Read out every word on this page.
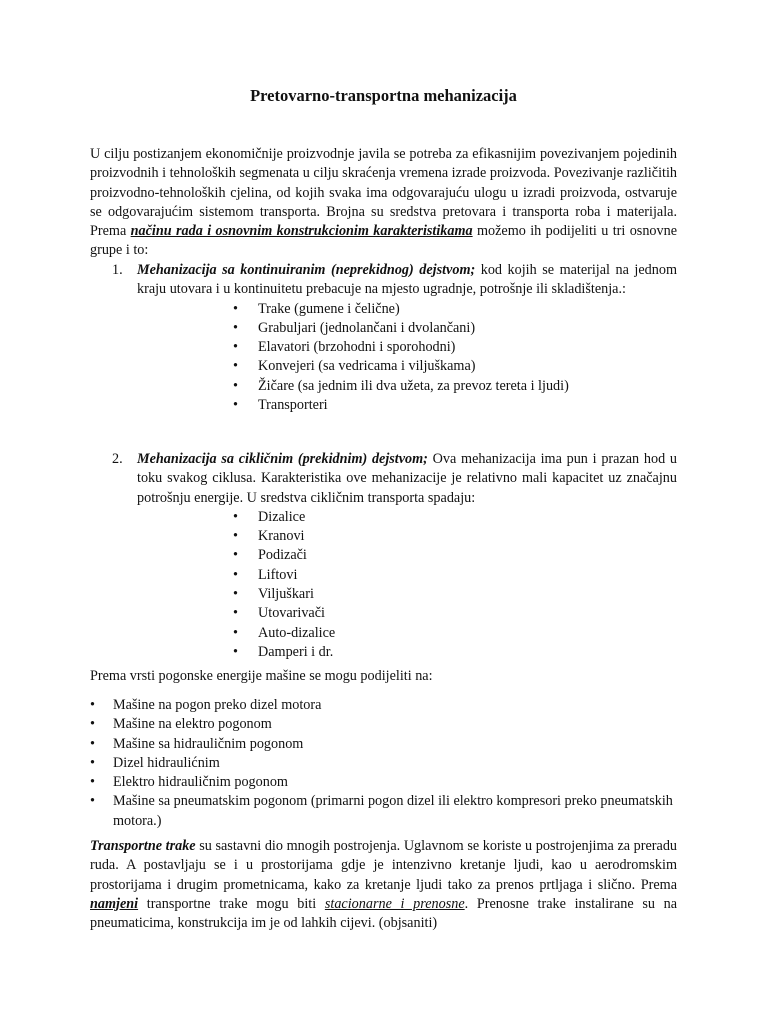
Pretovarno-transportna mehanizacija

U cilju postizanjem ekonomičnije proizvodnje javila se potreba za efikasnijim povezivanjem pojedinih proizvodnih i tehnoloških segmenata u cilju skraćenja vremena izrade proizvoda. Povezivanje različitih proizvodno-tehnoloških cjelina, od kojih svaka ima odgovarajuću ulogu u izradi proizvoda, ostvaruje se odgovarajućim sistemom transporta. Brojna su sredstva pretovara i transporta roba i materijala. Prema načinu rada i osnovnim konstrukcionim karakteristikama možemo ih podijeliti u tri osnovne grupe i to:

1. Mehanizacija sa kontinuiranim (neprekidnog) dejstvom; kod kojih se materijal na jednom kraju utovara i u kontinuitetu prebacuje na mjesto ugradnje, potrošnje ili skladištenja.:
• Trake (gumene i čelične)
• Grabuljari (jednolančani i dvolančani)
• Elavatori (brzohodni i sporohodni)
• Konvejeri (sa vedricama i viljuškama)
• Žičare (sa jednim ili dva užeta, za prevoz tereta i ljudi)
• Transporteri
2. Mehanizacija sa cikličnim (prekidnim) dejstvom; Ova mehanizacija ima pun i prazan hod u toku svakog ciklusa. Karakteristika ove mehanizacije je relativno mali kapacitet uz značajnu potrošnju energije. U sredstva cikličnim transporta spadaju:
• Dizalice
• Kranovi
• Podizači
• Liftovi
• Viljuškari
• Utovarivači
• Auto-dizalice
• Damperi i dr.

Prema vrsti pogonske energije mašine se mogu podijeliti na:

• Mašine na pogon preko dizel motora
• Mašine na elektro pogonom
• Mašine sa hidrauličnim pogonom
• Dizel hidraulićnim
• Elektro hidrauličnim pogonom
• Mašine sa pneumatskim pogonom (primarni pogon dizel ili elektro kompresori preko pneumatskih motora.)

Transportne trake su sastavni dio mnogih postrojenja. Uglavnom se koriste u postrojenjima za preradu ruda. A postavljaju se i u prostorijama gdje je intenzivno kretanje ljudi, kao u aerodromskim prostorijama i drugim prometnicama, kako za kretanje ljudi tako za prenos prtljaga i slično. Prema namjeni transportne trake mogu biti stacionarne i prenosne. Prenosne trake instalirane su na pneumaticima, konstrukcija im je od lahkih cijevi. (objsaniti)
